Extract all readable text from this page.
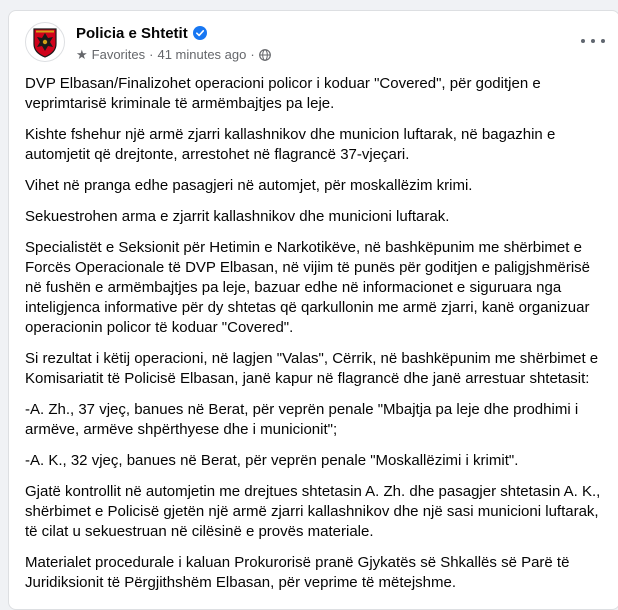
Policia e Shtetit
★ Favorites · 41 minutes ago ·

DVP Elbasan/Finalizohet operacioni policor i koduar "Covered", për goditjen e veprimtarisë kriminale të armëmbajtjes pa leje.

Kishte fshehur një armë zjarri kallashnikov dhe municion luftarak, në bagazhin e automjetit që drejtonte, arrestohet në flagrancë 37-vjeçari.

Vihet në pranga edhe pasagjeri në automjet, për moskallëzim krimi.

Sekuestrohen arma e zjarrit kallashnikov dhe municioni luftarak.

Specialistët e Seksionit për Hetimin e Narkotikëve, në bashkëpunim me shërbimet e Forcës Operacionale të DVP Elbasan, në vijim të punës për goditjen e paligjshmërisë në fushën e armëmbajtjes pa leje, bazuar edhe në informacionet e siguruara nga inteligjenca informative për dy shtetas që qarkullonin me armë zjarri, kanë organizuar operacionin policor të koduar "Covered".

Si rezultat i këtij operacioni, në lagjen "Valas", Cërrik, në bashkëpunim me shërbimet e Komisariatit të Policisë Elbasan, janë kapur në flagrancë dhe janë arrestuar shtetasit:

-A. Zh., 37 vjeç, banues në Berat, për veprën penale "Mbajtja pa leje dhe prodhimi i armëve, armëve shpërthyese dhe i municionit";

-A. K., 32 vjeç, banues në Berat, për veprën penale "Moskallëzimi i krimit".

Gjatë kontrollit në automjetin me drejtues shtetasin A. Zh. dhe pasagjer shtetasin A. K., shërbimet e Policisë gjetën një armë zjarri kallashnikov dhe një sasi municioni luftarak, të cilat u sekuestruan në cilësinë e provës materiale.

Materialet procedurale i kaluan Prokurorisë pranë Gjykatës së Shkallës së Parë të Juridiksionit të Përgjithshëm Elbasan, për veprime të mëtejshme.
